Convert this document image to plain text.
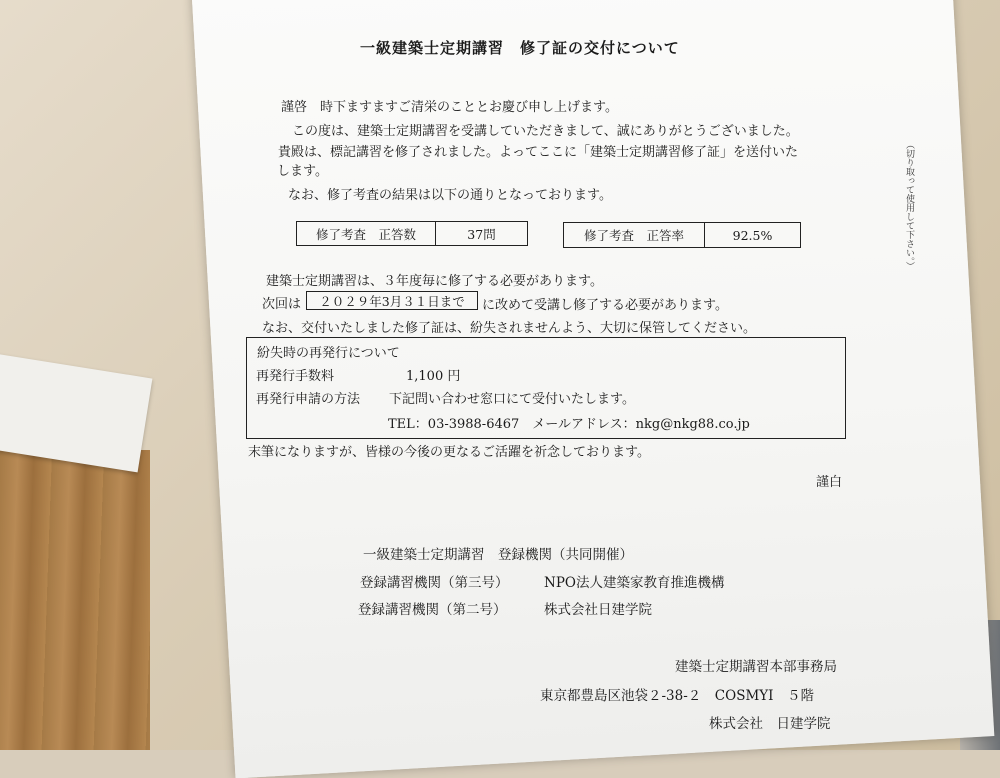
一級建築士定期講習　修了証の交付について
（切り取って使用して下さい。）
謹啓　時下ますますご清栄のこととお慶び申し上げます。
この度は、建築士定期講習を受講していただきまして、誠にありがとうございました。
貴殿は、標記講習を修了されました。よってここに「建築士定期講習修了証」を送付いた
します。
なお、修了考査の結果は以下の通りとなっております。
修了考査　正答数	37問	修了考査　正答率	92.5%
建築士定期講習は、３年度毎に修了する必要があります。
次回は	２０２９年3月３１日まで	に改めて受講し修了する必要があります。
なお、交付いたしました修了証は、紛失されませんよう、大切に保管してください。
紛失時の再発行について
再発行手数料	1,100 円
再発行申請の方法 下記問い合わせ窓口にて受付いたします。
TEL：03-3988-6467　メールアドレス：nkg@nkg88.co.jp
末筆になりますが、皆様の今後の更なるご活躍を祈念しております。
謹白
一級建築士定期講習　登録機関（共同開催）
登録講習機関（第三号）	NPO法人建築家教育推進機構
登録講習機関（第二号）	株式会社日建学院
建築士定期講習本部事務局
東京都豊島区池袋２-38-２　COSMYⅠ　５階
株式会社　日建学院
